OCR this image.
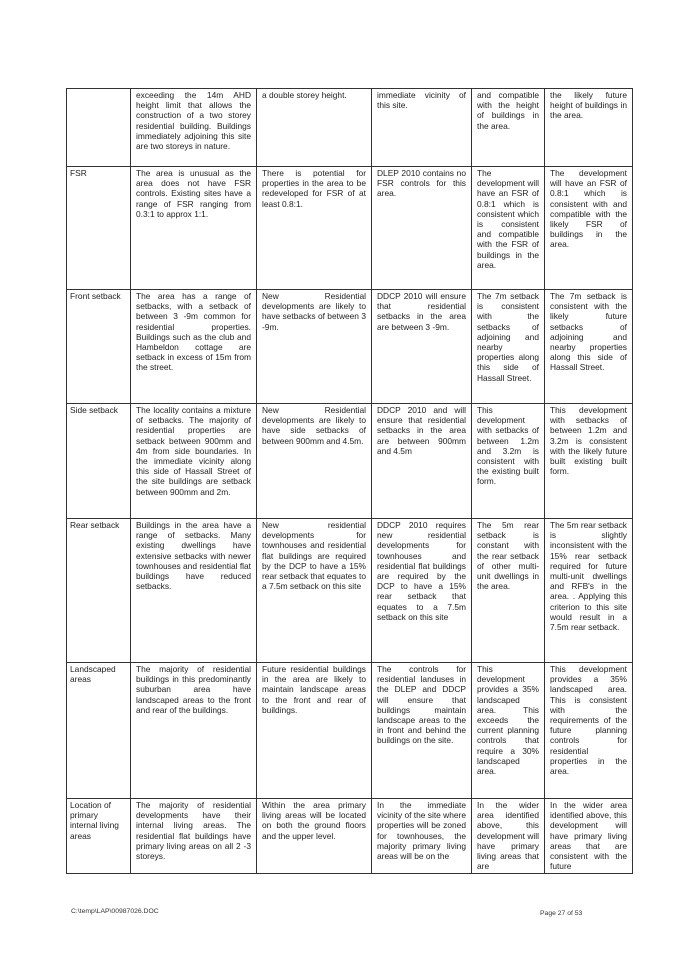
	exceeding the 14m AHD height limit that allows the construction of a two storey residential building. Buildings immediately adjoining this site are two storeys in nature.	a double storey height.	immediate vicinity of this site.	and compatible with the height of buildings in the area.	the likely future height of buildings in the area.
FSR	The area is unusual as the area does not have FSR controls. Existing sites have a range of FSR ranging from 0.3:1 to approx 1:1.	There is potential for properties in the area to be redeveloped for FSR of at least 0.8:1.	DLEP 2010 contains no FSR controls for this area.	The development will have an FSR of 0.8:1 which is consistent which is consistent and compatible with the FSR of buildings in the area.	The development will have an FSR of 0.8:1 which is consistent with and compatible with the likely FSR of buildings in the area.
Front setback	The area has a range of setbacks, with a setback of between 3 -9m common for residential properties. Buildings such as the club and Hambeldon cottage are setback in excess of 15m from the street.	New Residential developments are likely to have setbacks of between 3 -9m.	DDCP 2010 will ensure that residential setbacks in the area are between 3 -9m.	The 7m setback is consistent with the setbacks of adjoining and nearby properties along this side of Hassall Street.	The 7m setback is consistent with the likely future setbacks of adjoining and nearby properties along this side of Hassall Street.
Side setback	The locality contains a mixture of setbacks. The majority of residential properties are setback between 900mm and 4m from side boundaries. In the immediate vicinity along this side of Hassall Street of the site buildings are setback between 900mm and 2m.	New Residential developments are likely to have side setbacks of between 900mm and 4.5m.	DDCP 2010 and will ensure that residential setbacks in the area are between 900mm and 4.5m	This development with setbacks of between 1.2m and 3.2m is consistent with the existing built form.	This development with setbacks of between 1.2m and 3.2m is consistent with the likely future built existing built form.
Rear setback	Buildings in the area have a range of setbacks. Many existing dwellings have extensive setbacks with newer townhouses and residential flat buildings have reduced setbacks.	New residential developments for townhouses and residential flat buildings are required by the DCP to have a 15% rear setback that equates to a 7.5m setback on this site	DDCP 2010 requires new residential developments for townhouses and residential flat buildings are required by the DCP to have a 15% rear setback that equates to a 7.5m setback on this site	The 5m rear setback is constant with the rear setback of other multi-unit dwellings in the area.	The 5m rear setback is slightly inconsistent with the 15% rear setback required for future multi-unit dwellings and RFB's in the area. . Applying this criterion to this site would result in a 7.5m rear setback.
Landscaped areas	The majority of residential buildings in this predominantly suburban area have landscaped areas to the front and rear of the buildings.	Future residential buildings in the area are likely to maintain landscape areas to the front and rear of buildings.	The controls for residential landuses in the DLEP and DDCP will ensure that buildings maintain landscape areas to the in front and behind the buildings on the site.	This development provides a 35% landscaped area. This exceeds the current planning controls that require a 30% landscaped area.	This development provides a 35% landscaped area. This is consistent with the requirements of the future planning controls for residential properties in the area.
Location of primary internal living areas	The majority of residential developments have their internal living areas. The residential flat buildings have primary living areas on all 2 -3 storeys.	Within the area primary living areas will be located on both the ground floors and the upper level.	In the immediate vicinity of the site where properties will be zoned for townhouses, the majority primary living areas will be on the	In the wider area identified above, this development will have primary living areas that are	In the wider area identified above, this development will have primary living areas that are consistent with the future
C:\temp\LAP\00987026.DOC	Page 27 of 53
